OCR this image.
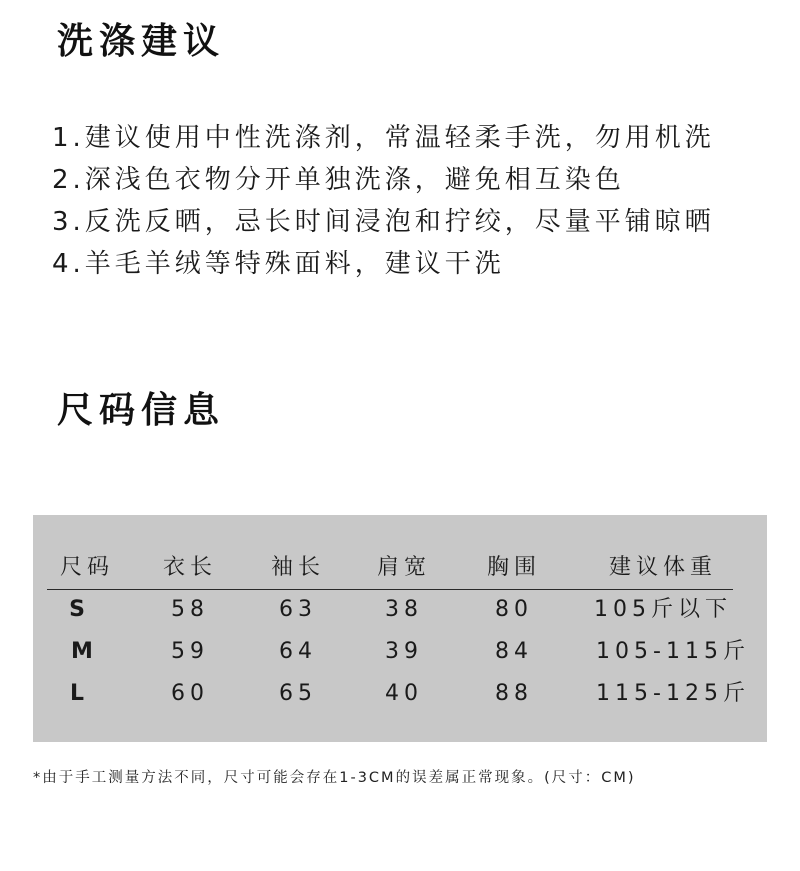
洗涤建议
1.建议使用中性洗涤剂，常温轻柔手洗，勿用机洗
2.深浅色衣物分开单独洗涤，避免相互染色
3.反洗反晒，忌长时间浸泡和拧绞，尽量平铺晾晒
4.羊毛羊绒等特殊面料，建议干洗
尺码信息
尺码	衣长	袖长	肩宽	胸围	建议体重
S	58	63	38	80	105斤以下
M	59	64	39	84	105-115斤
L	60	65	40	88	115-125斤

*由于手工测量方法不同，尺寸可能会存在1-3CM的误差属正常现象。(尺寸：CM)
